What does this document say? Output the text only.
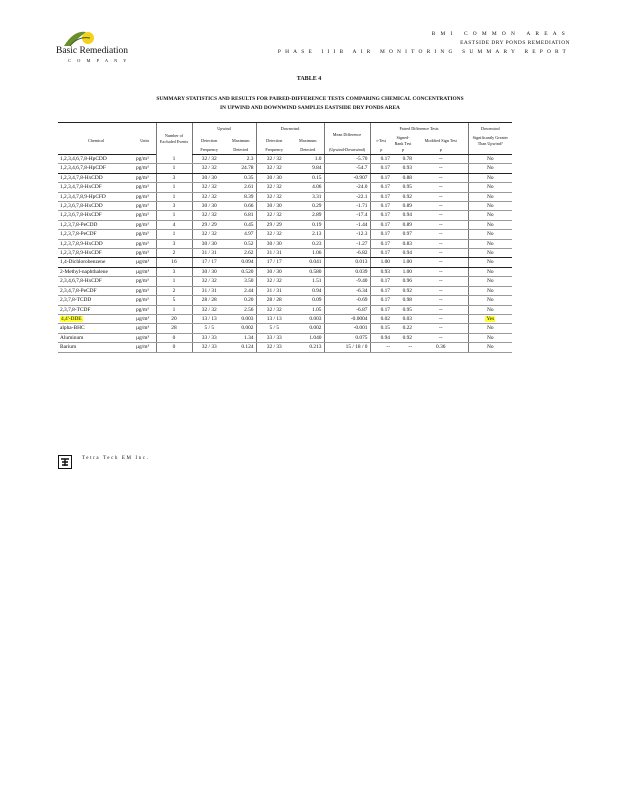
Basic Remediation
C O M P A N Y
BMI COMMON AREAS
EASTSIDE DRY PONDS REMEDIATION
PHASE IIIB AIR MONITORING SUMMARY REPORT
TABLE 4
SUMMARY STATISTICS AND RESULTS FOR PAIRED-DIFFERENCE TESTS COMPARING CHEMICAL CONCENTRATIONS
IN UPWIND AND DOWNWIND SAMPLES EASTSIDE DRY PONDS AREA
		Number of Excluded Events	Upwind		Downwind		Mean Difference	Paired Difference Tests			Downwind
Chemical	Units		Detection	Maximum	Detection	Maximum		t-Test	Signed-Rank Test	Modified Sign Test	Significantly Greater
Than Upwind?
			Frequency	Detected	Frequency	Detected	(Upwind-Downwind)	p	p	p	
1,2,3,4,6,7,8-HpCDD	pg/m³	1	32 / 32	2.3	32 / 32	1.0	-5.70	0.17	0.78	--	No
1,2,3,4,6,7,8-HpCDF	pg/m³	1	32 / 32	24.78	32 / 32	9.84	-54.7	0.17	0.93	--	No
1,2,3,4,7,8-HxCDD	pg/m³	3	30 / 30	0.35	30 / 30	0.15	-0.907	0.17	0.88	--	No
1,2,3,4,7,8-HxCDF	pg/m³	1	32 / 32	2.61	32 / 32	4.06	-24.0	0.17	0.95	--	No
1,2,3,4,7,8,9-HpCFD	pg/m³	1	32 / 32	8.39	32 / 32	3.31	-22.1	0.17	0.92	--	No
1,2,3,6,7,8-HxCDD	pg/m³	3	30 / 30	0.66	30 / 30	0.29	-1.71	0.17	0.89	--	No
1,2,3,6,7,8-HxCDF	pg/m³	1	32 / 32	6.81	32 / 32	2.89	-17.4	0.17	0.94	--	No
1,2,3,7,8-PeCDD	pg/m³	4	29 / 29	0.45	29 / 29	0.19	-1.44	0.17	0.89	--	No
1,2,3,7,8-PeCDF	pg/m³	1	32 / 32	4.97	32 / 32	2.13	-12.3	0.17	0.97	--	No
1,2,3,7,8,9-HxCDD	pg/m³	3	30 / 30	0.52	30 / 30	0.23	-1.27	0.17	0.83	--	No
1,2,3,7,8,9-HxCDF	pg/m³	2	31 / 31	2.62	31 / 31	1.06	-6.82	0.17	0.94	--	No
1,4-Dichlorobenzene	µg/m³	16	17 / 17	0.094	17 / 17	0.041	0.013	1.00	1.00	--	No
2-Methyl-naphthalene	µg/m³	3	30 / 30	0.520	30 / 30	0.580	0.039	0.93	1.00	--	No
2,3,4,6,7,8-HxCDF	pg/m³	1	32 / 32	3.50	32 / 32	1.51	-9.40	0.17	0.96	--	No
2,3,4,7,8-PeCDF	pg/m³	2	31 / 31	2.44	31 / 31	0.94	-6.34	0.17	0.92	--	No
2,3,7,8-TCDD	pg/m³	5	28 / 28	0.20	28 / 28	0.09	-0.69	0.17	0.98	--	No
2,3,7,8-TCDF	pg/m³	1	32 / 32	2.56	32 / 32	1.05	-6.87	0.17	0.95	--	No
4,4'-DDE	µg/m³	20	13 / 13	0.003	13 / 13	0.003	-0.0004	0.02	0.03	--	Yes
alpha-BHC	µg/m³	28	5 / 5	0.002	5 / 5	0.002	-0.001	0.15	0.22	--	No
Aluminum	µg/m³	0	33 / 33	1.34	33 / 33	1.040	0.075	0.94	0.92	--	No
Barium	µg/m³	0	32 / 33	0.124	32 / 33	0.213	15 / 18 / 0	--	--	0.36	No
Tetra Tech EM Inc.
